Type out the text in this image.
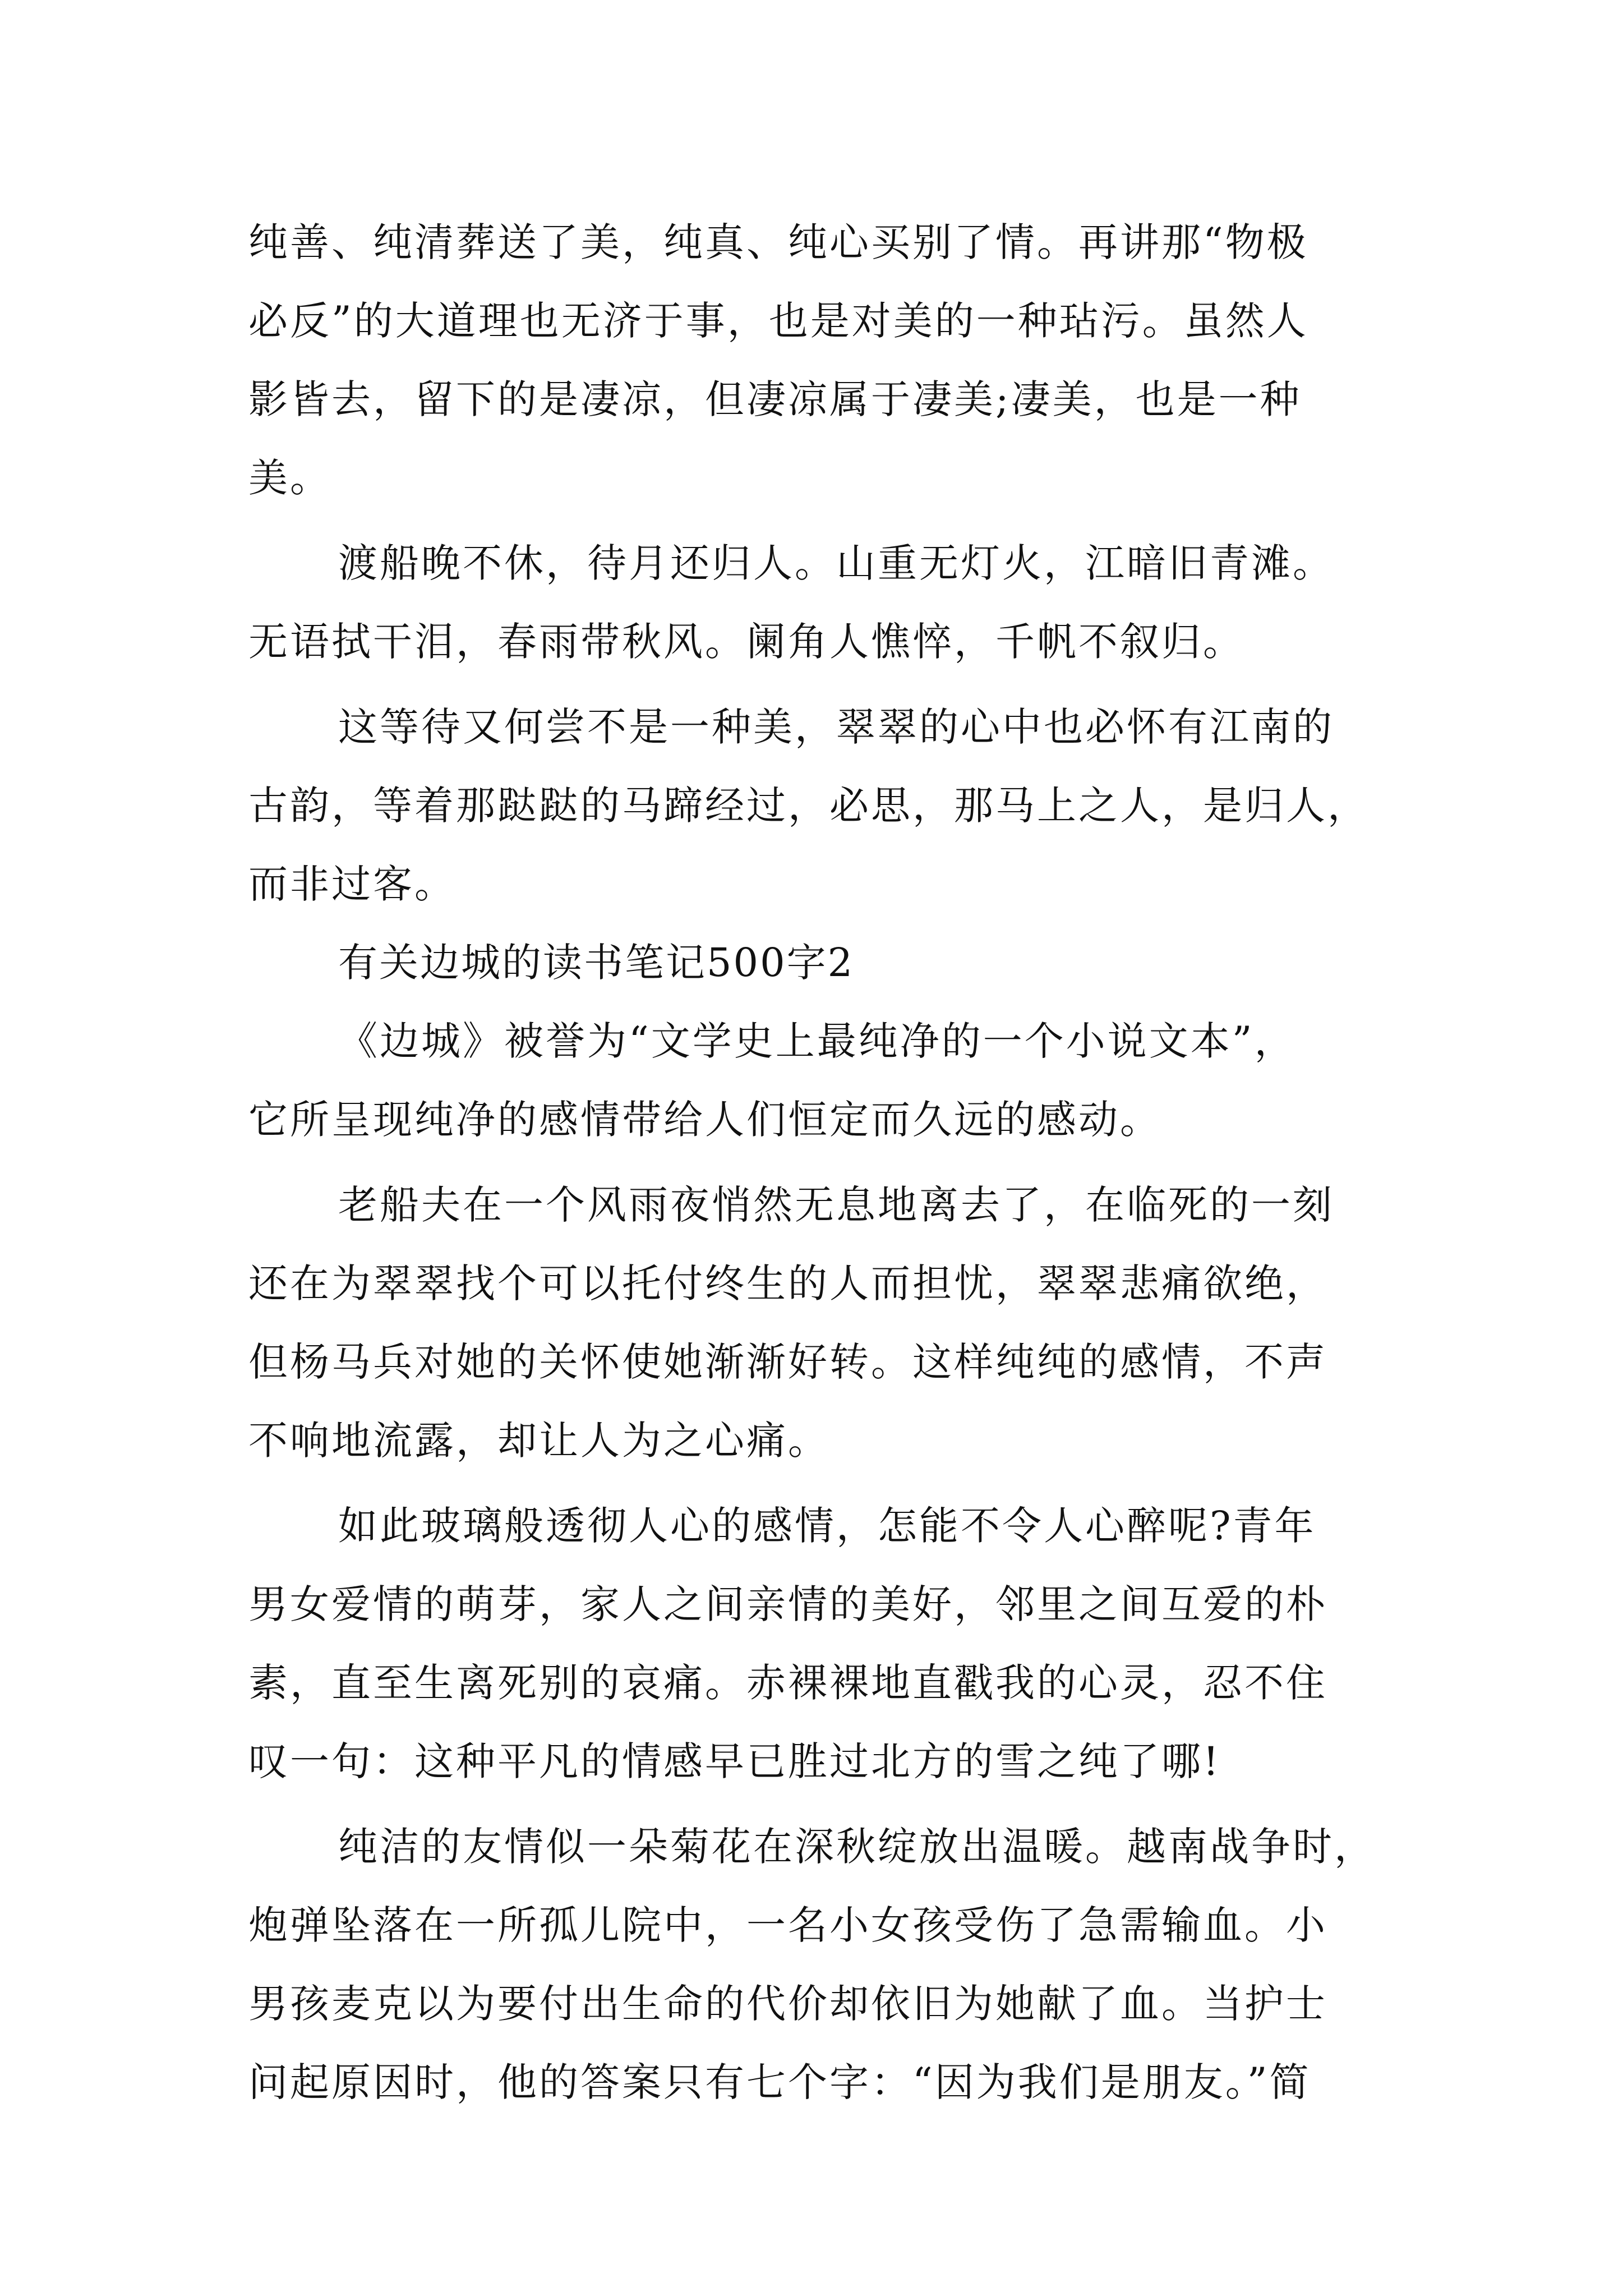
纯善、纯清葬送了美，纯真、纯心买别了情。再讲那“物极
必反”的大道理也无济于事，也是对美的一种玷污。虽然人
影皆去，留下的是凄凉，但凄凉属于凄美;凄美，也是一种
美。
渡船晚不休，待月还归人。山重无灯火，江暗旧青滩。
无语拭干泪，春雨带秋风。阑角人憔悴，千帆不叙归。
这等待又何尝不是一种美，翠翠的心中也必怀有江南的
古韵，等着那跶跶的马蹄经过，必思，那马上之人，是归人，
而非过客。
有关边城的读书笔记500字2
《边城》被誉为“文学史上最纯净的一个小说文本”，
它所呈现纯净的感情带给人们恒定而久远的感动。
老船夫在一个风雨夜悄然无息地离去了，在临死的一刻
还在为翠翠找个可以托付终生的人而担忧，翠翠悲痛欲绝，
但杨马兵对她的关怀使她渐渐好转。这样纯纯的感情，不声
不响地流露，却让人为之心痛。
如此玻璃般透彻人心的感情，怎能不令人心醉呢?青年
男女爱情的萌芽，家人之间亲情的美好，邻里之间互爱的朴
素，直至生离死别的哀痛。赤裸裸地直戳我的心灵，忍不住
叹一句：这种平凡的情感早已胜过北方的雪之纯了哪!
纯洁的友情似一朵菊花在深秋绽放出温暖。越南战争时，
炮弹坠落在一所孤儿院中，一名小女孩受伤了急需输血。小
男孩麦克以为要付出生命的代价却依旧为她献了血。当护士
问起原因时，他的答案只有七个字：“因为我们是朋友。”简
